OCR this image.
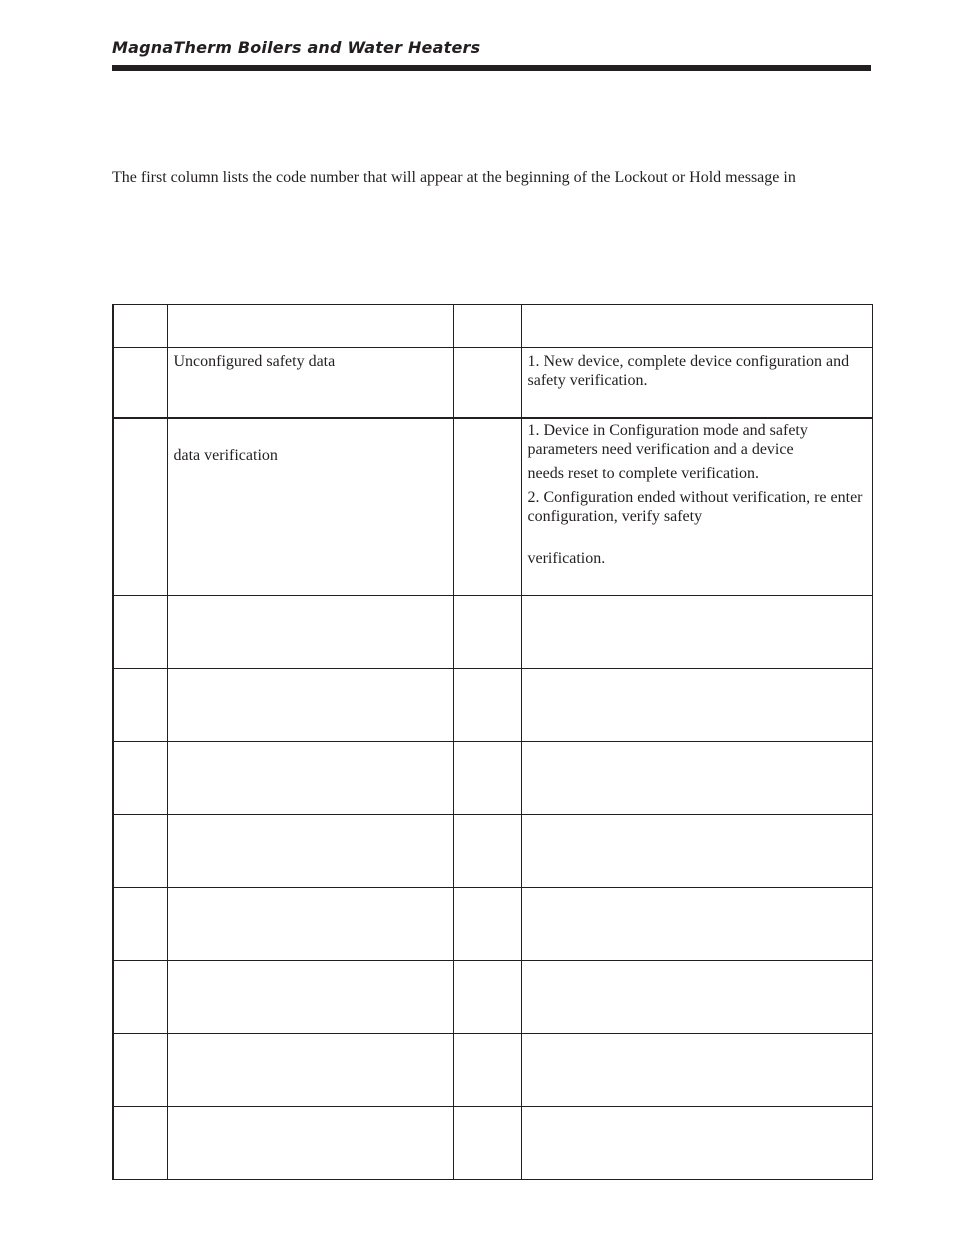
MagnaTherm Boilers and Water Heaters
The first column lists the code number that will appear at the beginning of the Lockout or Hold message in

	Unconfigured safety data		1. New device, complete device configuration and safety verification.

	data verification		1. Device in Configuration mode and safety parameters need verification and a device

needs reset to complete verification.

2. Configuration ended without verification, re enter configuration, verify safety

verification.
